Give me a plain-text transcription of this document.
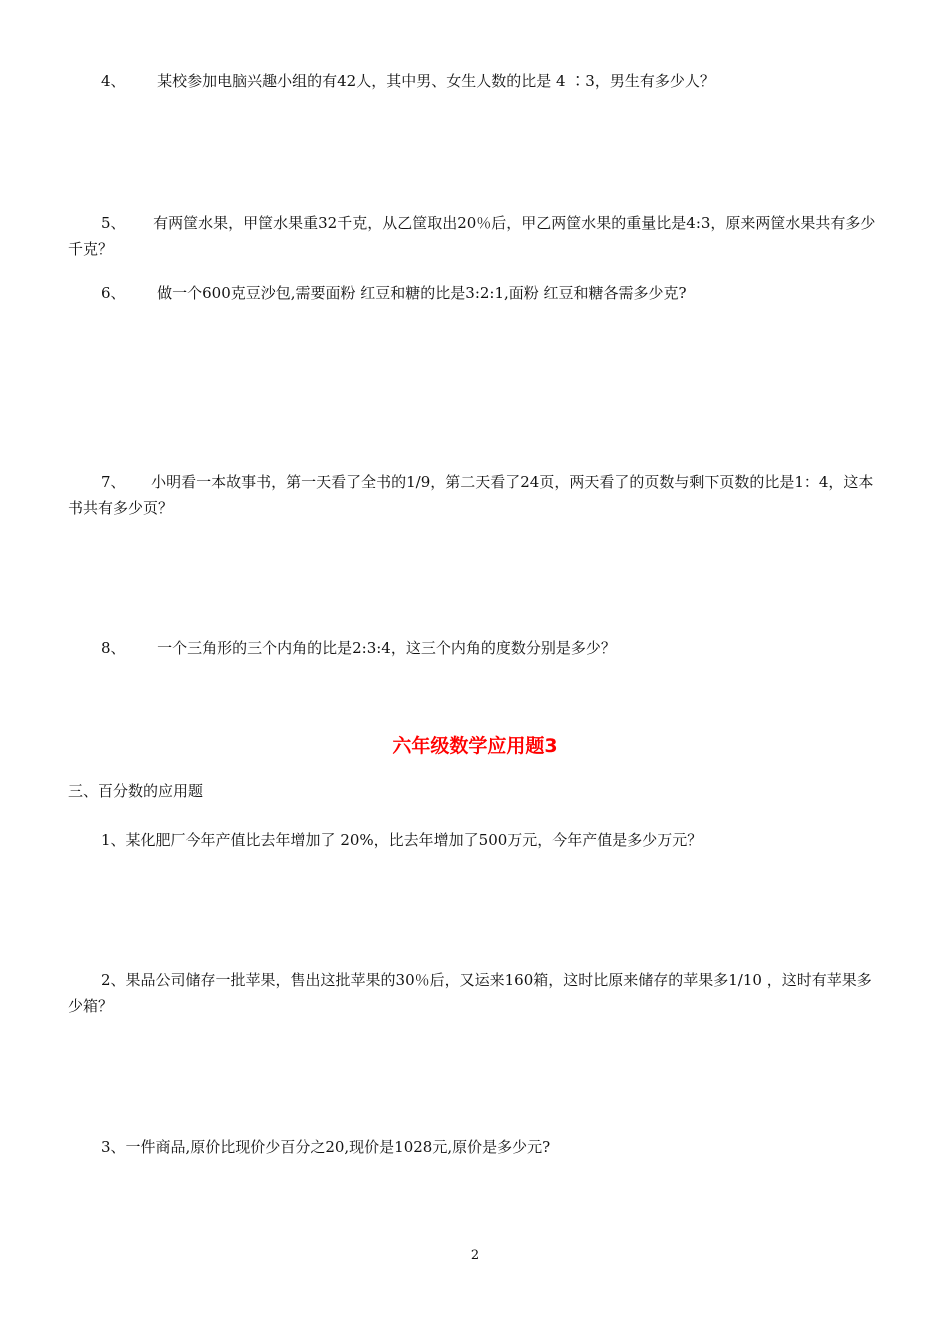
4、 某校参加电脑兴趣小组的有42人，其中男、女生人数的比是 4 ∶3，男生有多少人？
5、 有两筐水果，甲筐水果重32千克，从乙筐取出20％后，甲乙两筐水果的重量比是4:3，原来两筐水果共有多少千克？
6、 做一个600克豆沙包,需要面粉 红豆和糖的比是3:2:1,面粉 红豆和糖各需多少克?
7、 小明看一本故事书，第一天看了全书的1/9，第二天看了24页，两天看了的页数与剩下页数的比是1：4，这本书共有多少页？
8、 一个三角形的三个内角的比是2:3:4，这三个内角的度数分别是多少？
六年级数学应用题3
三、百分数的应用题
1、某化肥厂今年产值比去年增加了 20%，比去年增加了500万元，今年产值是多少万元？
2、果品公司储存一批苹果，售出这批苹果的30％后，又运来160箱，这时比原来储存的苹果多1/10 ，这时有苹果多少箱？
3、一件商品,原价比现价少百分之20,现价是1028元,原价是多少元?
2
